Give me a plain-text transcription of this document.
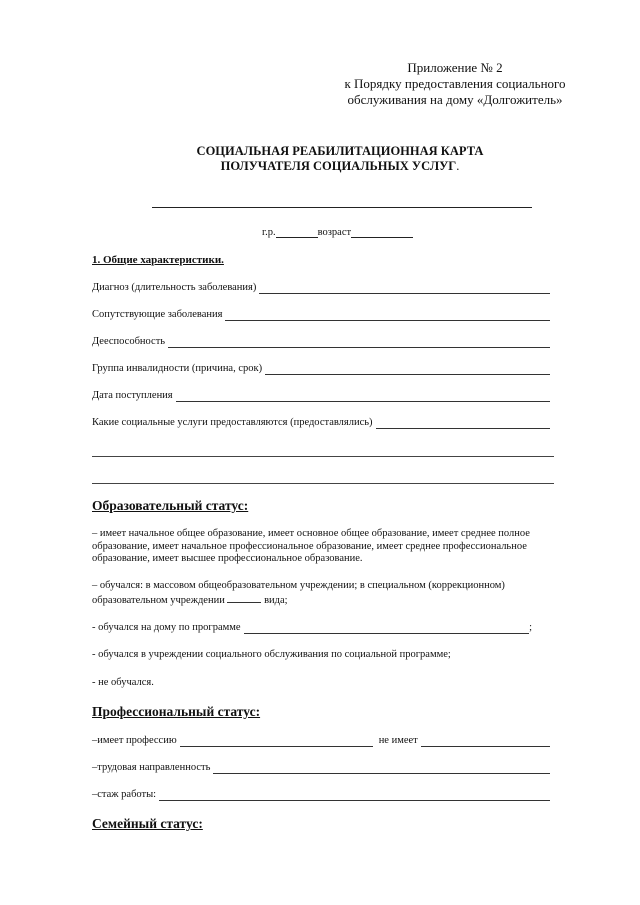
Приложение № 2
к Порядку предоставления социального
обслуживания на дому «Долгожитель»
СОЦИАЛЬНАЯ РЕАБИЛИТАЦИОННАЯ КАРТА
ПОЛУЧАТЕЛЯ СОЦИАЛЬНЫХ УСЛУГ.
г.р.	возраст
1. Общие характеристики.
Диагноз (длительность заболевания)
Сопутствующие заболевания
Дееспособность
Группа инвалидности (причина, срок)
Дата поступления
Какие социальные услуги предоставляются (предоставлялись)
Образовательный статус:
– имеет начальное общее образование, имеет основное общее образование, имеет среднее полное образование, имеет начальное профессиональное образование, имеет среднее профессиональное образование, имеет высшее профессиональное образование.
– обучался: в массовом общеобразовательном учреждении; в специальном (коррекционном) образовательном учреждении	вида;
- обучался на дому по программе	;
- обучался в учреждении социального обслуживания по социальной программе;
- не обучался.
Профессиональный статус:
–имеет профессию	не имеет
–трудовая направленность
–стаж работы:
Семейный статус:
